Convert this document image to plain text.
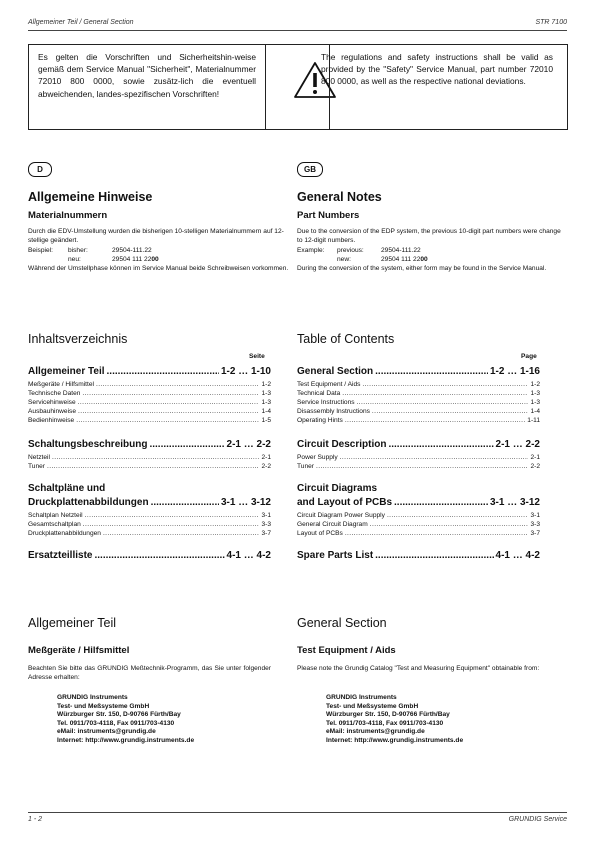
Allgemeiner Teil / General Section	STR 7100
Es gelten die Vorschriften und Sicherheitshin-weise gemäß dem Service Manual "Sicherheit", Materialnummer 72010 800 0000, sowie zusätz-lich die eventuell abweichenden, landes-spezifischen Vorschriften!
The regulations and safety instructions shall be valid as provided by the "Safety" Service Manual, part number 72010 800 0000, as well as the respective national deviations.
D	GB
Allgemeine Hinweise
Materialnummern
Durch die EDV-Umstellung wurden die bisherigen 10-stelligen Materialnummern auf 12-stellige geändert.
Beispiel:	bisher:	29504-111.22
neu:	29504 111 2200
Während der Umstellphase können im Service Manual beide Schreibweisen vorkommen.
General Notes
Part Numbers
Due to the conversion of the EDP system, the previous 10-digit part numbers were change to 12-digit numbers.
Example:	previous:	29504-111.22
new:	29504 111 2200
During the conversion of the system, either form may be found in the Service Manual.
Inhaltsverzeichnis
Seite
Allgemeiner Teil .....	1-2 … 1-10
Meßgeräte / Hilfsmittel .....	1-2
Technische Daten .....	1-3
Servicehinweise .....	1-3
Ausbauhinweise .....	1-4
Bedienhinweise .....	1-5
Schaltungsbeschreibung .....	2-1 … 2-2
Netzteil .....	2-1
Tuner .....	2-2
Schaltpläne und
Druckplattenabbildungen .....	3-1 … 3-12
Schaltplan Netzteil .....	3-1
Gesamtschaltplan .....	3-3
Druckplattenabbildungen .....	3-7
Ersatzteilliste .....	4-1 … 4-2
Table of Contents
Page
General Section .....	1-2 … 1-16
Test Equipment / Aids .....	1-2
Technical Data .....	1-3
Service Instructions .....	1-3
Disassembly Instructions .....	1-4
Operating Hints .....	1-11
Circuit Description .....	2-1 … 2-2
Power Supply .....	2-1
Tuner .....	2-2
Circuit Diagrams
and Layout of PCBs .....	3-1 … 3-12
Circuit Diagram Power Supply .....	3-1
General Circuit Diagram .....	3-3
Layout of PCBs .....	3-7
Spare Parts List .....	4-1 … 4-2
Allgemeiner Teil
Meßgeräte / Hilfsmittel
Beachten Sie bitte das GRUNDIG Meßtechnik-Programm, das Sie unter folgender Adresse erhalten:
GRUNDIG Instruments
Test- und Meßsysteme GmbH
Würzburger Str. 150, D-90766 Fürth/Bay
Tel. 0911/703-4118, Fax 0911/703-4130
eMail: instruments@grundig.de
Internet: http://www.grundig.instruments.de
General Section
Test Equipment / Aids
Please note the Grundig Catalog "Test and Measuring Equipment" obtainable from:
GRUNDIG Instruments
Test- und Meßsysteme GmbH
Würzburger Str. 150, D-90766 Fürth/Bay
Tel. 0911/703-4118, Fax 0911/703-4130
eMail: instruments@grundig.de
Internet: http://www.grundig.instruments.de
1 - 2	GRUNDIG Service
